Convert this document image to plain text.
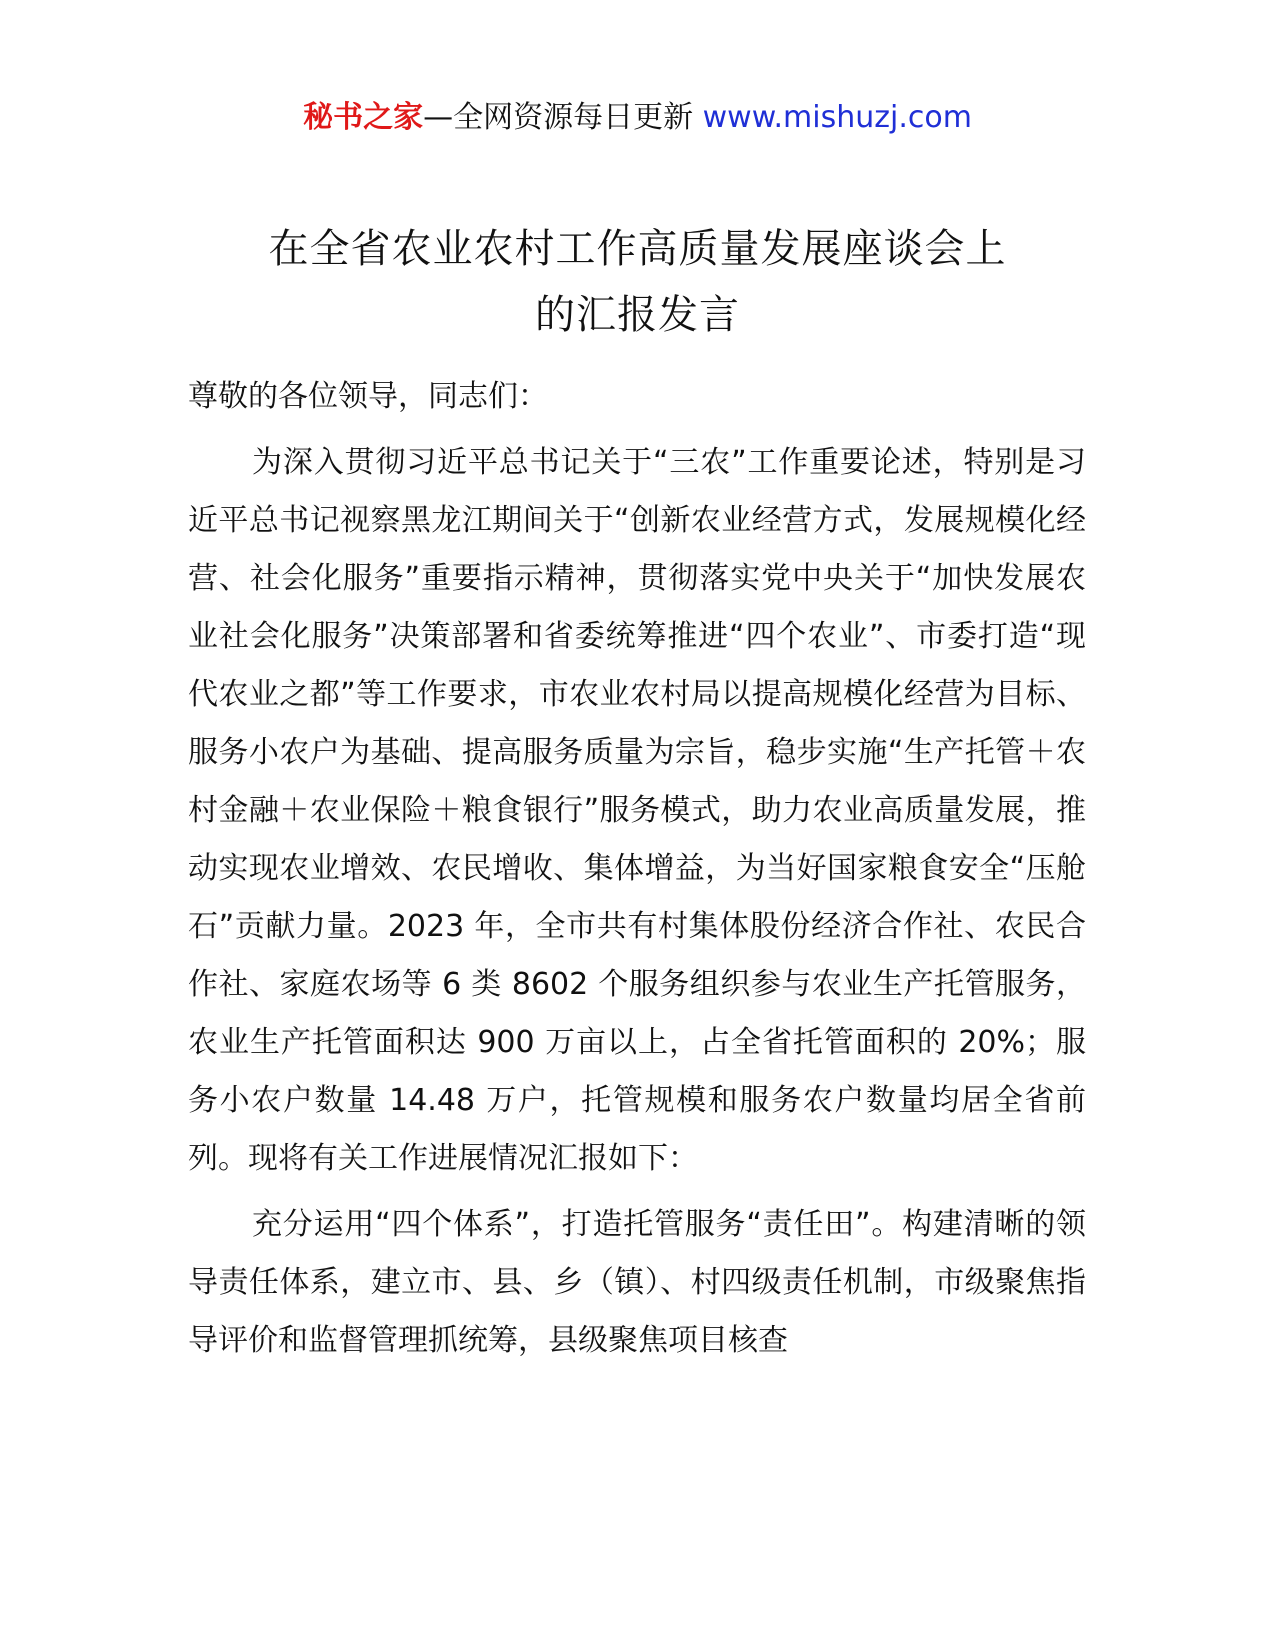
秘书之家—全网资源每日更新 www.mishuzj.com
在全省农业农村工作高质量发展座谈会上
的汇报发言

尊敬的各位领导，同志们：

为深入贯彻习近平总书记关于“三农”工作重要论述，特别是习近平总书记视察黑龙江期间关于“创新农业经营方式，发展规模化经营、社会化服务”重要指示精神，贯彻落实党中央关于“加快发展农业社会化服务”决策部署和省委统筹推进“四个农业”、市委打造“现代农业之都”等工作要求，市农业农村局以提高规模化经营为目标、服务小农户为基础、提高服务质量为宗旨，稳步实施“生产托管＋农村金融＋农业保险＋粮食银行”服务模式，助力农业高质量发展，推动实现农业增效、农民增收、集体增益，为当好国家粮食安全“压舱石”贡献力量。2023 年，全市共有村集体股份经济合作社、农民合作社、家庭农场等 6 类 8602 个服务组织参与农业生产托管服务，农业生产托管面积达 900 万亩以上，占全省托管面积的 20%；服务小农户数量 14.48 万户，托管规模和服务农户数量均居全省前列。现将有关工作进展情况汇报如下：

充分运用“四个体系”，打造托管服务“责任田”。构建清晰的领导责任体系，建立市、县、乡（镇）、村四级责任机制，市级聚焦指导评价和监督管理抓统筹，县级聚焦项目核查
